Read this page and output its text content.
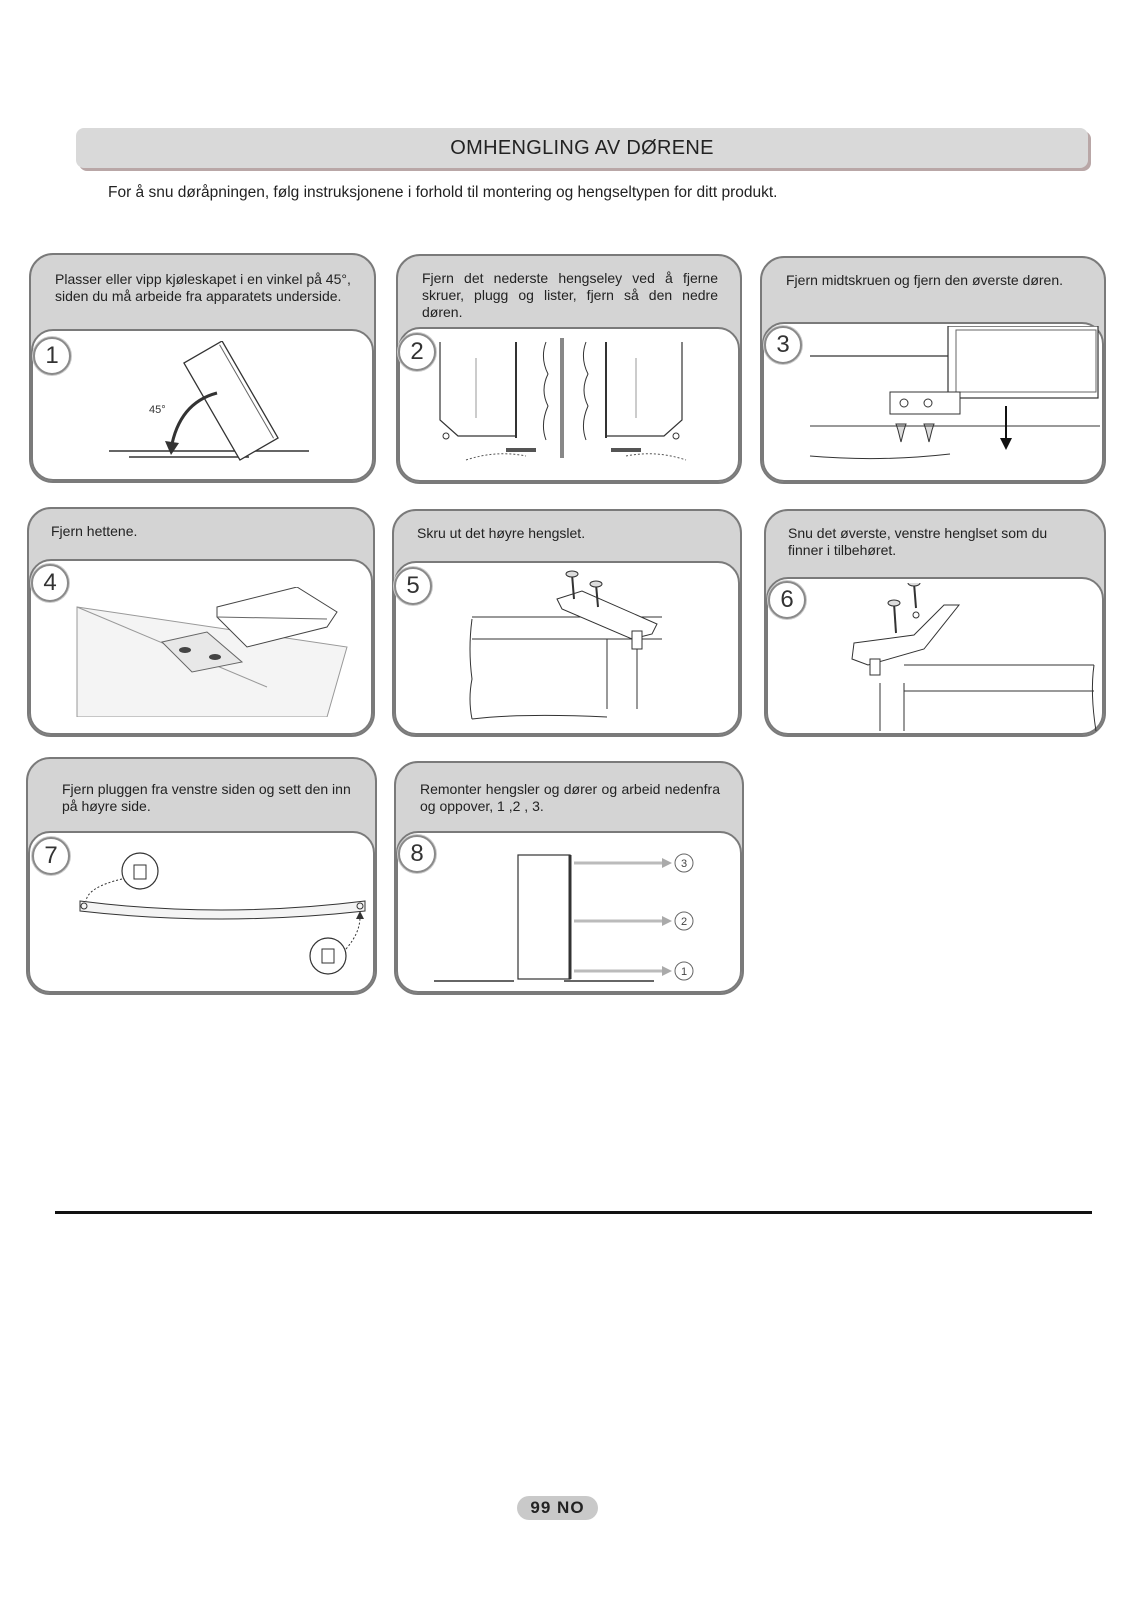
OMHENGLING AV DØRENE
For å snu døråpningen, følg instruksjonene i forhold til montering og hengseltypen for ditt produkt.
Plasser eller vipp kjøleskapet i en vinkel på 45°, siden du må arbeide fra apparatets underside.
1
45°
Fjern det nederste hengseley ved å fjerne skruer, plugg og lister, fjern så den nedre døren.
2
Fjern midtskruen og fjern den øverste døren.
3
Fjern hettene.
4
Skru ut det høyre hengslet.
5
Snu det øverste, venstre henglset som du finner i tilbehøret.
6
Fjern pluggen fra venstre siden og sett den inn på høyre side.
7
Remonter hengsler og dører og arbeid nedenfra og oppover, 1 ,2 , 3.
8	3
2
1
99 NO
